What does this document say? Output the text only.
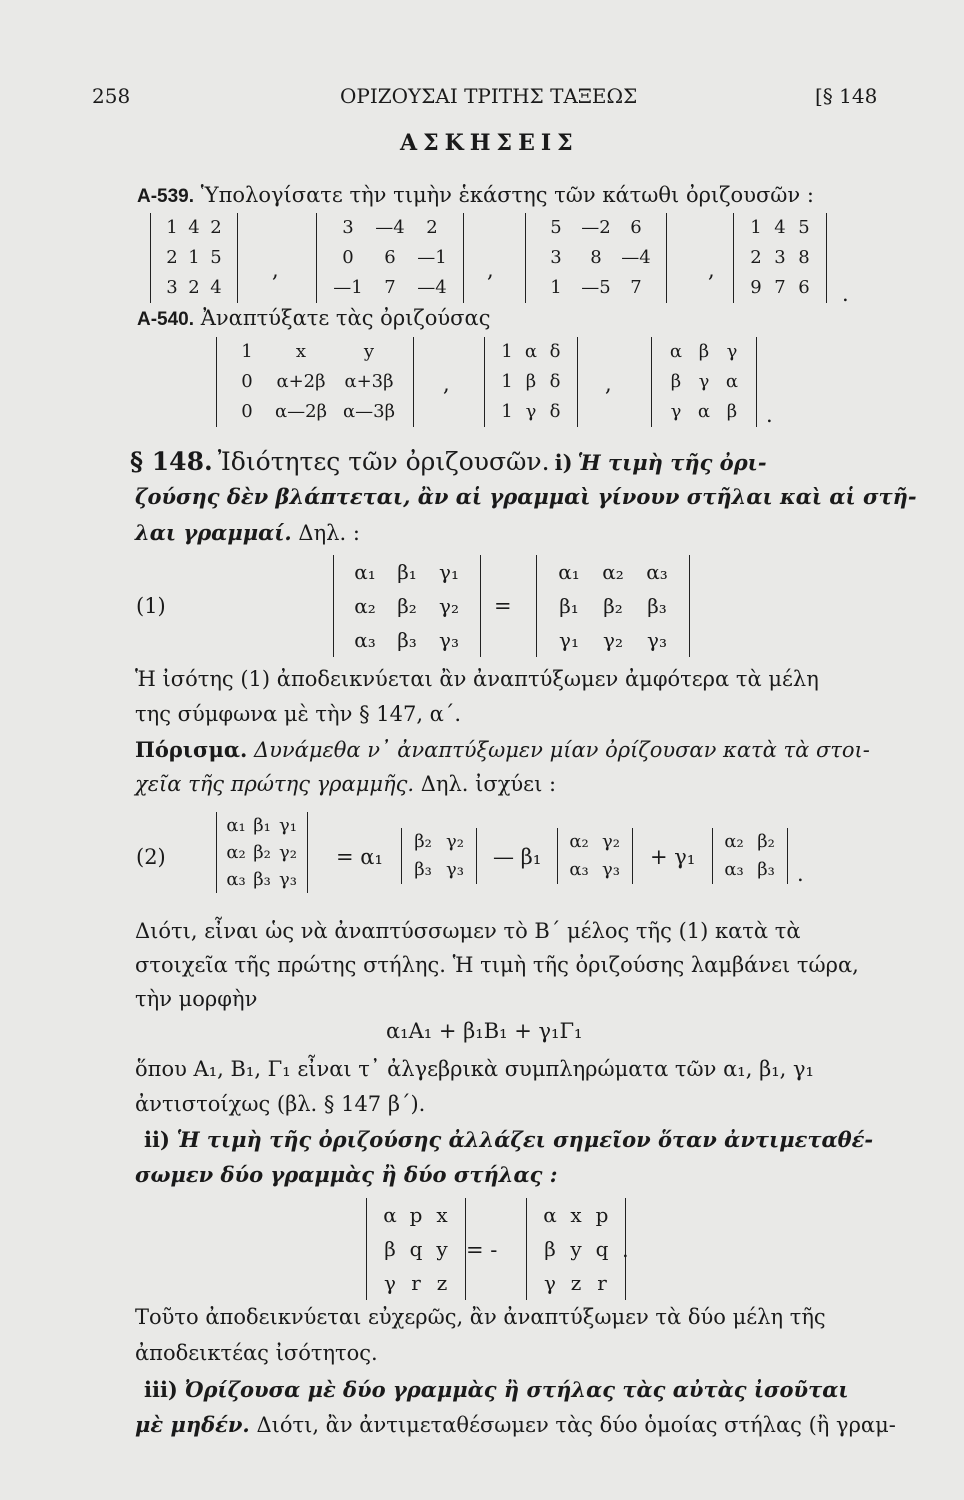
258	ΟΡΙΖΟΥΣΑΙ ΤΡΙΤΗΣ ΤΑΞΕΩΣ	[§ 148
ΑΣΚΗΣΕΙΣ
Α-539. Ὑπολογίσατε τὴν τιμὴν ἑκάστης τῶν κάτωθι ὀριζουσῶν :
1 4 2
2 1 5
3 2 4
,
3	—4	2
0	6	—1
—1	7	—4
,
5	—2	6
3	8	—4
1	—5	7
,
1 4 5
2 3 8
9 7 6 .
Α-540. Ἀναπτύξατε τὰς ὀριζούσας
1	x	y
0	α+2β	α+3β
0	α—2β α—3β
,
1 α δ
1 β δ
1 γ δ
,
α β γ
β γ α
γ α β	.
§ 148. Ἰδιότητες τῶν ὀριζουσῶν. i) Ἡ τιμὴ τῆς ὀρι-
ζούσης δὲν βλάπτεται, ἂν αἱ γραμμαὶ γίνουν στῆλαι καὶ αἱ στῆ-
λαι γραμμαί. Δηλ. :
(1)
α₁	β₁	γ₁
α₂	β₂	γ₂
α₃	β₃	γ₃
=
α₁	α₂	α₃
β₁	β₂	β₃
γ₁	γ₂	γ₃
Ἡ ἰσότης (1) ἀποδεικνύεται ἂν ἀναπτύξωμεν ἀμφότερα τὰ μέλη
της σύμφωνα μὲ τὴν § 147, α΄.
Πόρισμα. Δυνάμεθα ν᾽ ἀναπτύξωμεν μίαν ὀρίζουσαν κατὰ τὰ στοι-
χεῖα τῆς πρώτης γραμμῆς. Δηλ. ἰσχύει :
(2)
α₁ β₁ γ₁
α₂ β₂ γ₂
α₃ β₃ γ₃
= α₁
β₂ γ₂
β₃ γ₃
— β₁
α₂ γ₂
α₃ γ₃
+ γ₁
α₂ β₂
α₃ β₃	.
Διότι, εἶναι ὡς νὰ ἀναπτύσσωμεν τὸ Β΄ μέλος τῆς (1) κατὰ τὰ
στοιχεῖα τῆς πρώτης στήλης. Ἡ τιμὴ τῆς ὀριζούσης λαμβάνει τώρα,
τὴν μορφὴν
α₁Α₁ + β₁Β₁ + γ₁Γ₁
ὅπου Α₁, Β₁, Γ₁ εἶναι τ᾽ ἀλγεβρικὰ συμπληρώματα τῶν α₁, β₁, γ₁
ἀντιστοίχως (βλ. § 147 β΄).
ii) Ἡ τιμὴ τῆς ὀριζούσης ἀλλάζει σημεῖον ὅταν ἀντιμεταθέ-
σωμεν δύο γραμμὰς ἢ δύο στήλας :
α p x
β q y
γ r z
= -
α x p
β y q
γ z r
.
Τοῦτο ἀποδεικνύεται εὐχερῶς, ἂν ἀναπτύξωμεν τὰ δύο μέλη τῆς
ἀποδεικτέας ἰσότητος.
iii) Ὀρίζουσα μὲ δύο γραμμὰς ἢ στήλας τὰς αὐτὰς ἰσοῦται
μὲ μηδέν. Διότι, ἂν ἀντιμεταθέσωμεν τὰς δύο ὁμοίας στήλας (ἢ γραμ-
